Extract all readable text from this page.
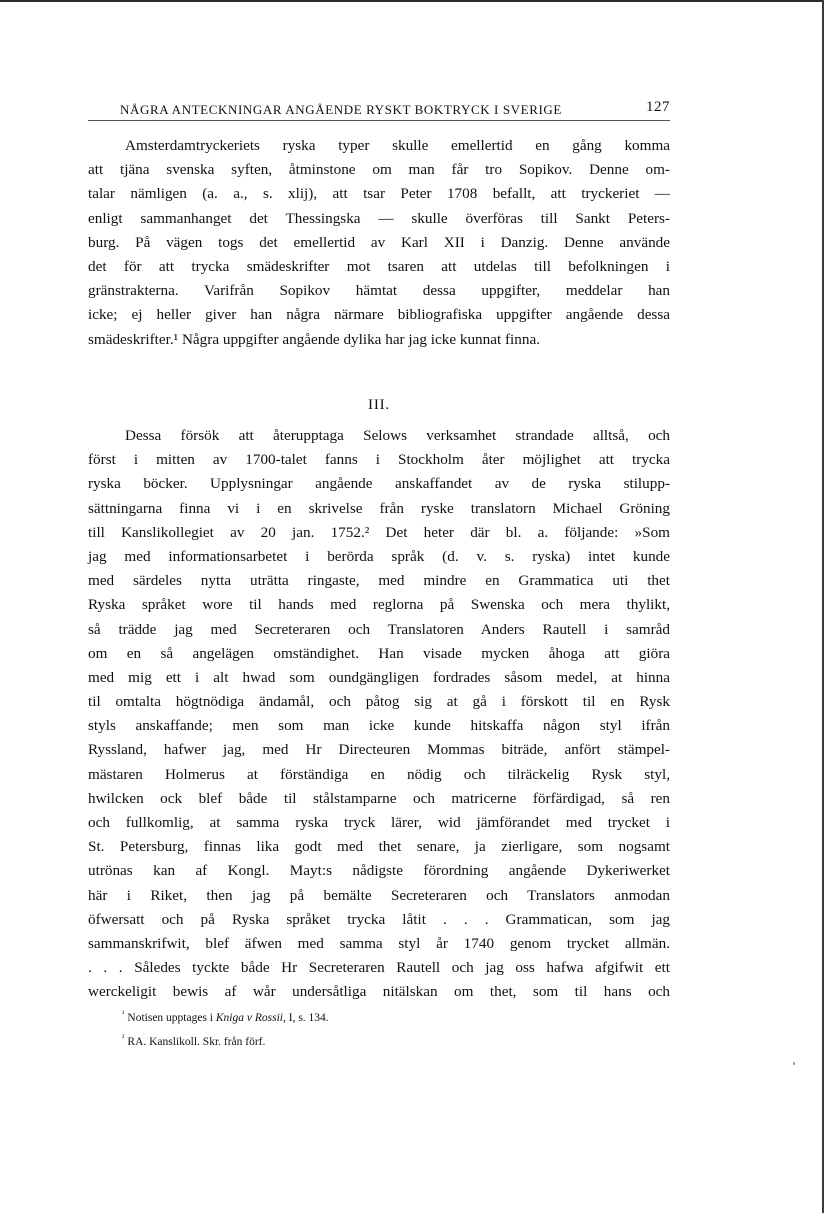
NÅGRA ANTECKNINGAR ANGÅENDE RYSKT BOKTRYCK I SVERIGE	127
Amsterdamtryckeriets ryska typer skulle emellertid en gång komma
att tjäna svenska syften, åtminstone om man får tro Sopikov. Denne om-
talar nämligen (a. a., s. xlij), att tsar Peter 1708 befallt, att tryckeriet —
enligt sammanhanget det Thessingska — skulle överföras till Sankt Peters-
burg. På vägen togs det emellertid av Karl XII i Danzig. Denne använde
det för att trycka smädeskrifter mot tsaren att utdelas till befolkningen i
gränstrakterna. Varifrån Sopikov hämtat dessa uppgifter, meddelar han
icke; ej heller giver han några närmare bibliografiska uppgifter angående dessa
smädeskrifter.¹ Några uppgifter angående dylika har jag icke kunnat finna.
III.
Dessa försök att återupptaga Selows verksamhet strandade alltså, och
först i mitten av 1700-talet fanns i Stockholm åter möjlighet att trycka
ryska böcker. Upplysningar angående anskaffandet av de ryska stilupp-
sättningarna finna vi i en skrivelse från ryske translatorn Michael Gröning
till Kanslikollegiet av 20 jan. 1752.² Det heter där bl. a. följande: »Som
jag med informationsarbetet i berörda språk (d. v. s. ryska) intet kunde
med särdeles nytta uträtta ringaste, med mindre en Grammatica uti thet
Ryska språket wore til hands med reglorna på Swenska och mera thylikt,
så trädde jag med Secreteraren och Translatoren Anders Rautell i samråd
om en så angelägen omständighet. Han visade mycken åhoga att giöra
med mig ett i alt hwad som oundgängligen fordrades såsom medel, at hinna
til omtalta högtnödiga ändamål, och påtog sig at gå i förskott til en Rysk
styls anskaffande; men som man icke kunde hitskaffa någon styl ifrån
Ryssland, hafwer jag, med Hr Directeuren Mommas biträde, anfört stämpel-
mästaren Holmerus at förständiga en nödig och tilräckelig Rysk styl,
hwilcken ock blef både til stålstamparne och matricerne förfärdigad, så ren
och fullkomlig, at samma ryska tryck lärer, wid jämförandet med trycket i
St. Petersburg, finnas lika godt med thet senare, ja zierligare, som nogsamt
utrönas kan af Kongl. Mayt:s nådigste förordning angående Dykeriwerket
här i Riket, then jag på bemälte Secreteraren och Translators anmodan
öfwersatt och på Ryska språket trycka låtit . . . Grammatican, som jag
sammanskrifwit, blef äfwen med samma styl år 1740 genom trycket allmän.
. . . Således tyckte både Hr Secreteraren Rautell och jag oss hafwa afgifwit ett
werckeligit bewis af wår undersåtliga nitälskan om thet, som til hans och
$^{^1}$ Notisen upptages i Kniga v Rossii, I, s. 134.
$^{^2}$ RA. Kanslikoll. Skr. från förf.
